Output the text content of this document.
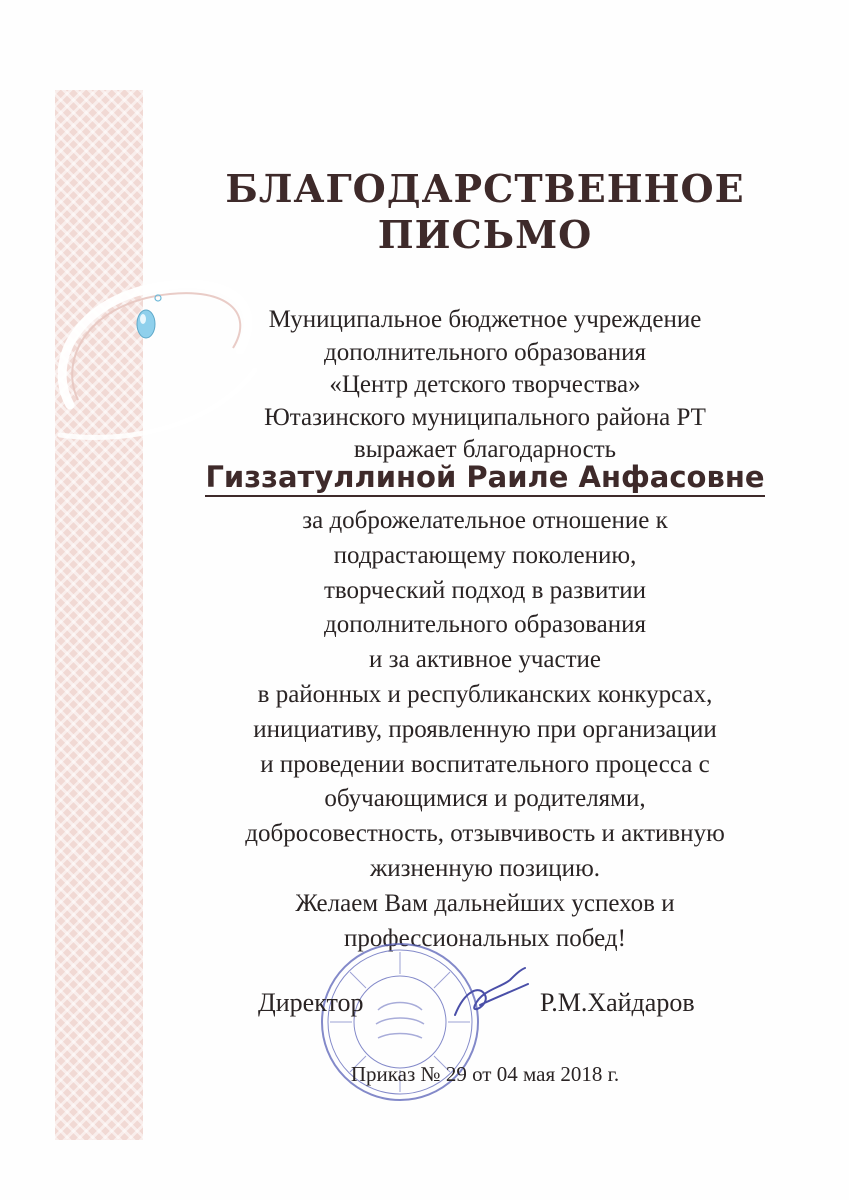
БЛАГОДАРСТВЕННОЕ
ПИСЬМО
Муниципальное бюджетное учреждение
дополнительного образования
«Центр детского творчества»
Ютазинского муниципального района РТ
выражает благодарность
Гиззатуллиной Раиле Анфасовне
за доброжелательное отношение к
подрастающему поколению,
творческий подход в развитии
дополнительного образования
и за активное участие
в районных и республиканских конкурсах,
инициативу, проявленную при организации
и проведении воспитательного процесса с
обучающимися и родителями,
добросовестность, отзывчивость и активную
жизненную позицию.
Желаем Вам дальнейших успехов и
профессиональных побед!
Директор	Р.М.Хайдаров
Приказ № 29 от 04 мая 2018 г.
